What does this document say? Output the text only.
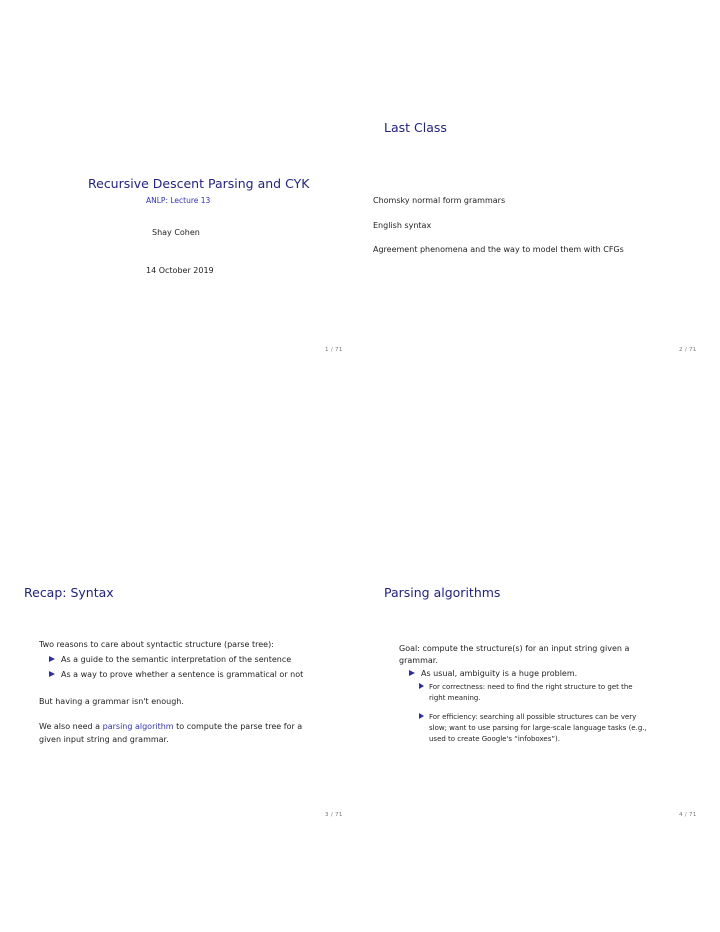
Recursive Descent Parsing and CYK
ANLP: Lecture 13
Shay Cohen
14 October 2019
1 / 71
Last Class
Chomsky normal form grammars
English syntax
Agreement phenomena and the way to model them with CFGs
2 / 71
Recap: Syntax
Two reasons to care about syntactic structure (parse tree):
As a guide to the semantic interpretation of the sentence
As a way to prove whether a sentence is grammatical or not
But having a grammar isn't enough.
We also need a parsing algorithm to compute the parse tree for a
given input string and grammar.
3 / 71
Parsing algorithms
Goal: compute the structure(s) for an input string given a
grammar.
As usual, ambiguity is a huge problem.
For correctness: need to find the right structure to get the
right meaning.
For efficiency: searching all possible structures can be very
slow; want to use parsing for large-scale language tasks (e.g.,
used to create Google's “infoboxes”).
4 / 71
